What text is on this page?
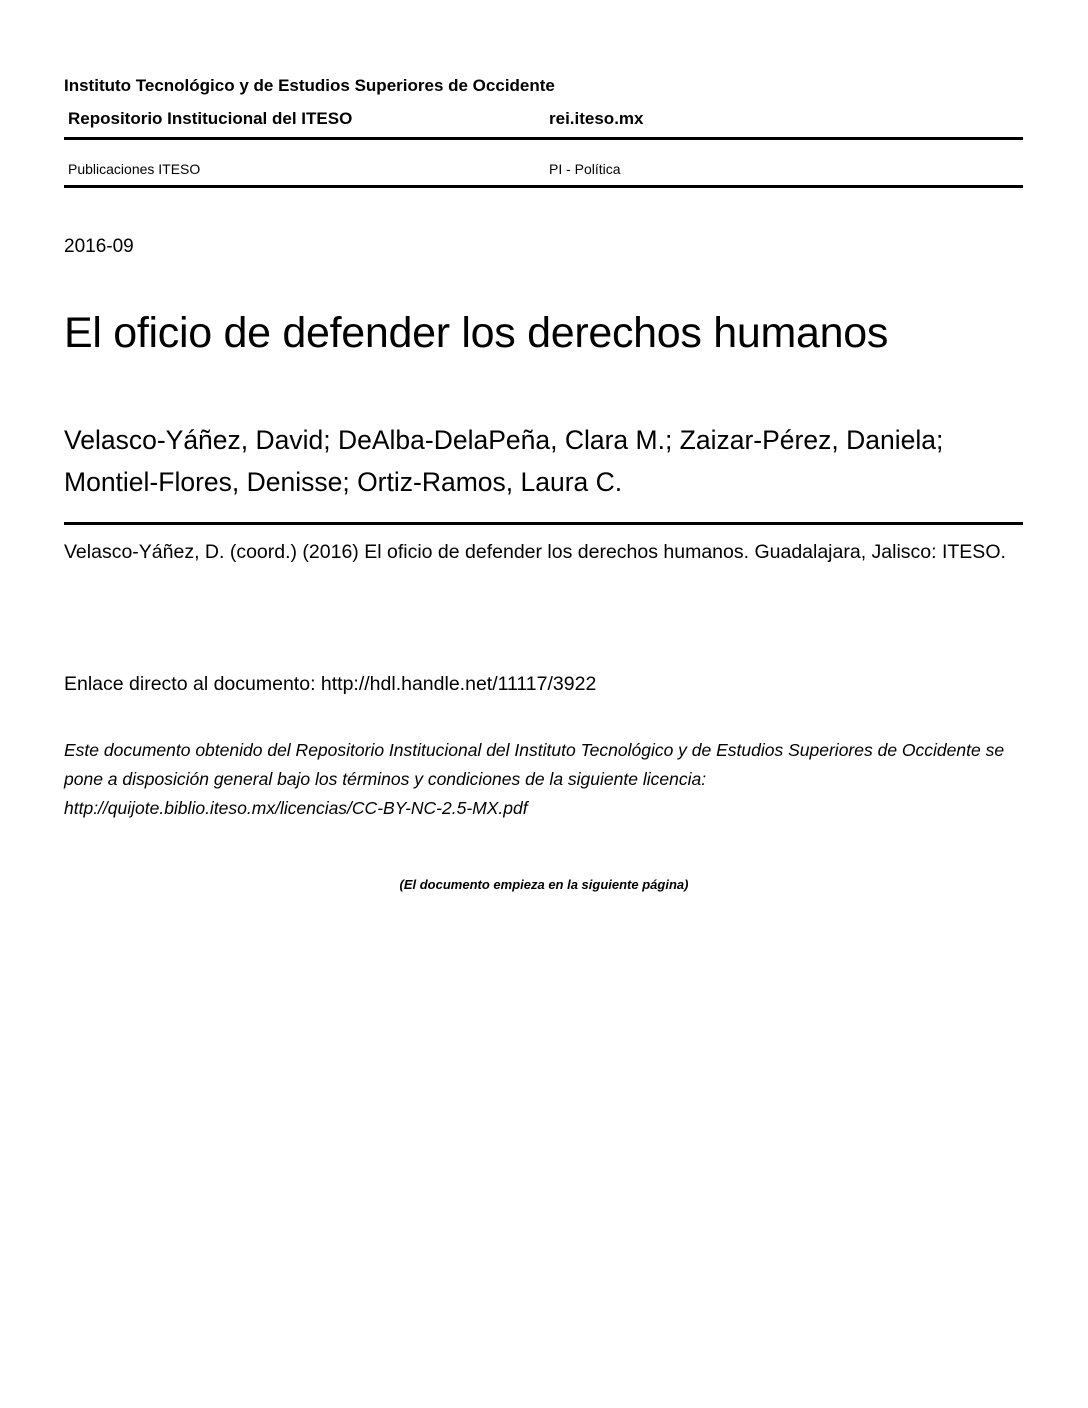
Instituto Tecnológico y de Estudios Superiores de Occidente
Repositorio Institucional del ITESO	rei.iteso.mx
Publicaciones ITESO	PI - Política
2016-09
El oficio de defender los derechos humanos
Velasco-Yáñez, David; DeAlba-DelaPeña, Clara M.; Zaizar-Pérez, Daniela; Montiel-Flores, Denisse; Ortiz-Ramos, Laura C.
Velasco-Yáñez, D. (coord.) (2016) El oficio de defender los derechos humanos. Guadalajara, Jalisco: ITESO.
Enlace directo al documento: http://hdl.handle.net/11117/3922
Este documento obtenido del Repositorio Institucional del Instituto Tecnológico y de Estudios Superiores de Occidente se pone a disposición general bajo los términos y condiciones de la siguiente licencia: http://quijote.biblio.iteso.mx/licencias/CC-BY-NC-2.5-MX.pdf
(El documento empieza en la siguiente página)
